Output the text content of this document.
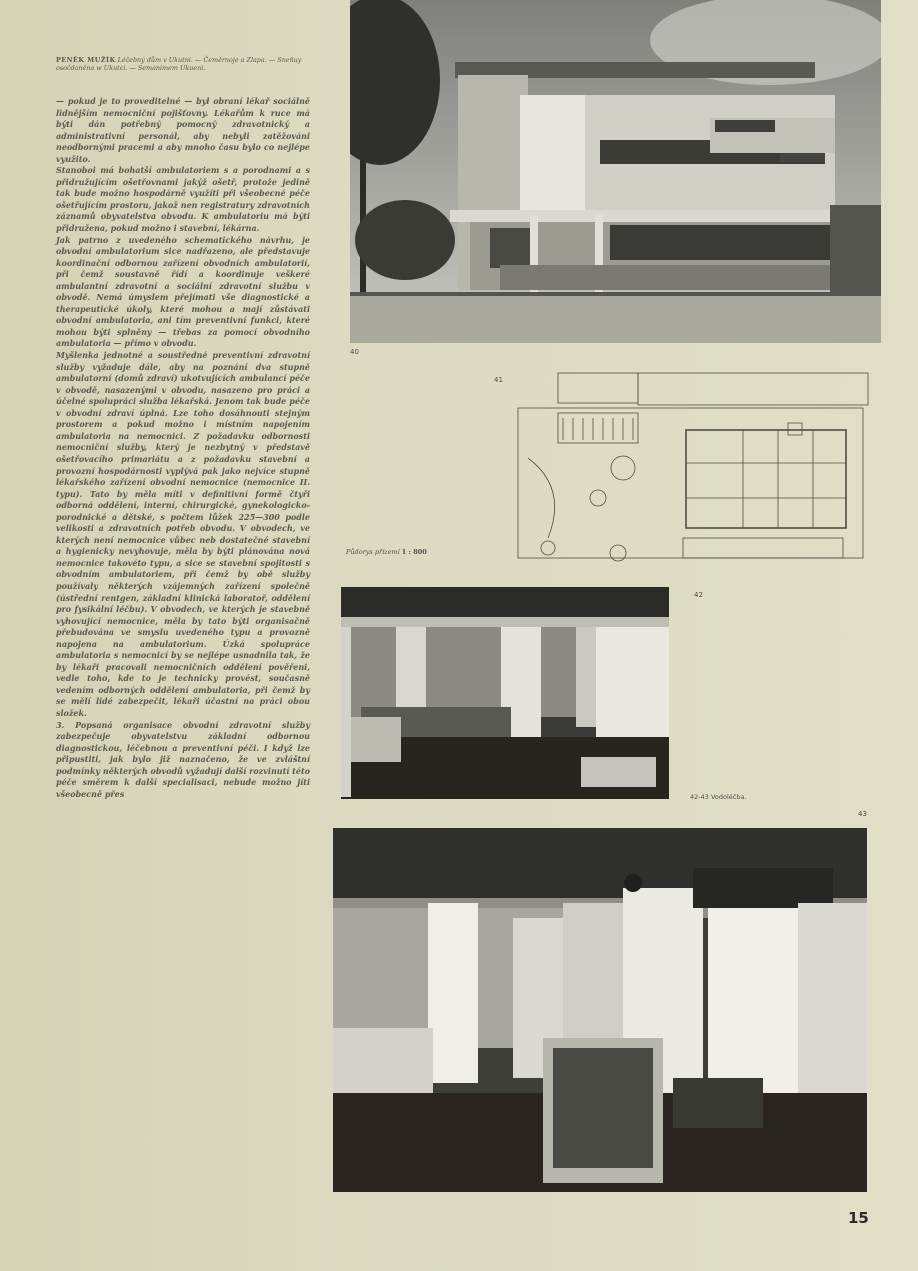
PENĚK MUŽÍK Léčebný dům v Ukutni. — Čeměrnoje a Zlapa. — Sneňuy osočdaněna w Ukutci. — Semanimem Ukueni.

— pokud je to proveditelné — byl obraní lékař sociálně lidnějším nemocniční pojišťovny. Lékařům k ruce má býti dán potřebný pomocný zdravotnický a administrativní personál, aby nebyli zatěžováni neodbornými pracemi a aby mnoho času bylo co nejlépe využito.

Stanoboi má bohatší ambulatoriem s a porodnami a s přidružujícím ošetřovnami jakýž ošetř, protože jedině tak bude možno hospodárně využíti při všeobecné péče ošetřujícím prostoru, jakož nen registratury zdravotních záznamů obyvatelstva obvodu. K ambulatoriu má býti přidružena, pokud možno i stavební, lékárna.

Jak patrno z uvedeného schematického návrhu, je obvodní ambulatorium sice nadřazeno, ale představuje koordinační odbornou zařízení obvodních ambulatorií, při čemž soustavně řídí a koordinuje veškeré ambulantní zdravotní a sociální zdravotní službu v obvodě. Nemá úmyslem přejímati vše diagnostické a therapeutické úkoly, které mohou a mají zůstávati obvodní ambulatoria, ani tím preventivní funkci, které mohou býti splněny — třebas za pomocí obvodního ambulatoria — přímo v obvodu.

Myšlenka jednotné a soustředné preventivní zdravotní služby vyžaduje dále, aby na poznání dva stupně ambulatorní (domů zdraví) ukotvujících ambulancí péče v obvodě, nasazenými v obvodu, nasazeno pro práci a účelné spolupráci služba lékařská. Jenom tak bude péče v obvodní zdraví úplná. Lze toho dosáhnouti stejným prostorem a pokud možno i místním napojením ambulatoria na nemocnici. Z požadavku odbornosti nemocniční služby, který je nezbytný v představě ošetřovacího primariátu a z požadavku stavební a provozní hospodárnosti vyplývá pak jako nejvíce stupně lékařského zařízení obvodní nemocnice (nemocnice II. typu). Tato by měla míti v definitivní formě čtyři odborná oddělení, interní, chirurgické, gynekologicko-porodnické a dětské, s počtem lůžek 225—300 podle velikosti a zdravotních potřeb obvodu. V obvodech, ve kterých není nemocnice vůbec neb dostatečné stavební a hygienicky nevyhovuje, měla by býti plánována nová nemocnice takovéto typu, a sice se stavební spojitosti s obvodním ambulatoriem, při čemž by obě služby používaly některých vzájemných zařízení společně (ústřední rentgen, základní klinická laboratoř, oddělení pro fysikální léčbu). V obvodech, ve kterých je stavebně vyhovující nemocnice, měla by tato býti organisačně přebudována ve smyslu uvedeného typu a provozně napojena na ambulatorium. Úzká spolupráce ambulatoria s nemocnicí by se nejlépe usnadnila tak, že by lékaři pracovali nemocničních oddělení pověřeni, vedle toho, kde to je technicky provést, současně vedením odborných oddělení ambulatoria, při čemž by se mělí lidé zabezpečit, lékaři účastní na práci obou složek.

3. Popsaná organisace obvodní zdravotní služby zabezpečuje obyvatelstvu základní odbornou diagnostickou, léčebnou a preventivní péči. I když lze připustiti, jak bylo již naznačeno, že ve zvláštní podmínky některých obvodů vyžadují další rozvinutí této péče směrem k další specialisaci, nebude možno jíti všeobecně přes

40
41
Půdorys přízemí 1 : 800
42
42-43 Vodoléčba.
43
15
